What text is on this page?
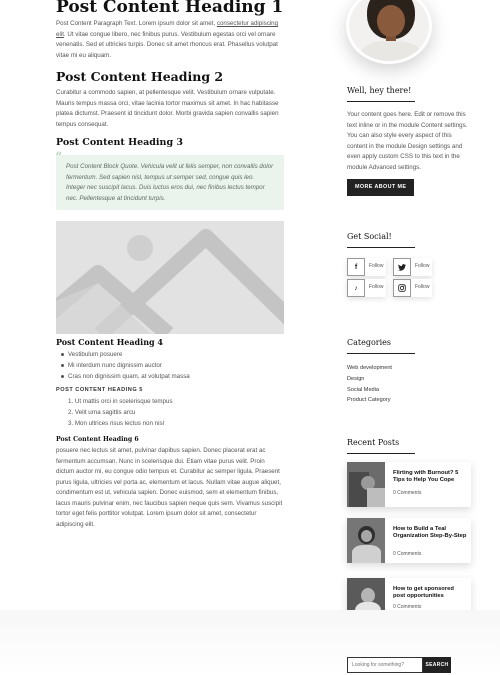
Post Content Heading 1

Post Content Paragraph Text. Lorem ipsum dolor sit amet, consectetur adipiscing elit. Ut vitae congue libero, nec finibus purus. Vestibulum egestas orci vel ornare venenatis. Sed et ultricies turpis. Donec sit amet rhoncus erat. Phasellus volutpat vitae mi eu aliquam.

Post Content Heading 2

Curabitur a commodo sapien, at pellentesque velit. Vestibulum ornare vulputate. Mauris tempus massa orci, vitae lacinia tortor maximus sit amet. In hac habitasse platea dictumst. Praesent id tincidunt dolor. Morbi gravida sapien convallis sapien tempus consequat.

Post Content Heading 3
“
Post Content Block Quote. Vehicula velit ut felis semper, non convallis dolor fermentum. Sed sapien nisl, tempus ut semper sed, congue quis leo. Integer nec suscipit lacus. Duis luctus eros dui, nec finibus lectus tempor nec. Pellentesque at tincidunt turpis.
Post Content Heading 4
Vestibulum posuere
Mi interdum nunc dignissim auctor
Cras non dignissim quam, at volutpat massa
POST CONTENT HEADING 5
1. Ut mattis orci in scelerisque tempus
2. Velit urna sagittis arcu
3. Mon ultrices risus lectus non nisl
Post Content Heading 6

posuere nec lectus sit amet, pulvinar dapibus sapien. Donec placerat erat ac fermentum accumsan. Nunc in scelerisque dui. Etiam vitae purus velit. Proin dictum auctor mi, eu congue odio tempus et. Curabitur ac semper ligula. Praesent purus ligula, ultricies vel porta ac, elementum et lacus. Nullam vitae augue aliquet, condimentum est ut, vehicula sapien. Donec euismod, sem et elementum finibus, lacus mauris pulvinar enim, nec faucibus sapien neque quis sem. Vivamus suscipit tortor eget felis porttitor volutpat. Lorem ipsum dolor sit amet, consectetur adipiscing elit.

Well, hey there!

Your content goes here. Edit or remove this text inline or in the module Content settings. You can also style every aspect of this content in the module Design settings and even apply custom CSS to this text in the module Advanced settings.

MORE ABOUT ME
Get Social!
f	Follow	Follow
♪	Follow	Follow
Categories
Web development
Design
Social Media
Product Category
Recent Posts
Flirting with Burnout? 5 Tips to Help You Cope
0 Comments
How to Build a Teal Organization Step-By-Step
0 Comments
How to get sponsored post opportunities
0 Comments
Looking for something?
SEARCH
